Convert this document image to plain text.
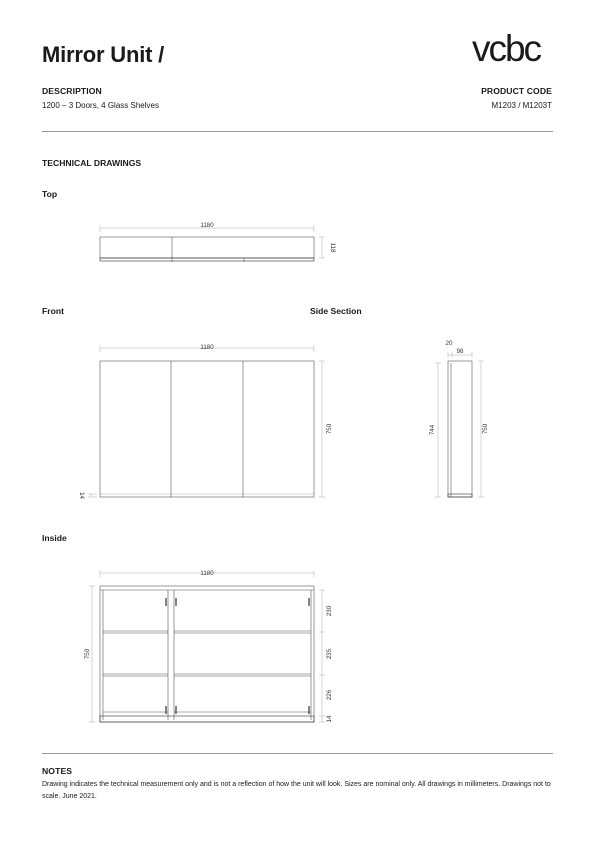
Mirror Unit /	vcbc
DESCRIPTION
1200 – 3 Doors, 4 Glass Shelves
PRODUCT CODE
M1203 / M1203T
TECHNICAL DRAWINGS
Top
Front	Side Section
Inside
1180
118
1180
750
14
20
98
744	750
1180
750
230
235
226
14
NOTES
Drawing indicates the technical measurement only and is not a reflection of how the unit will look. Sizes are nominal only. All drawings in millimeters. Drawings not to scale. June 2021.
